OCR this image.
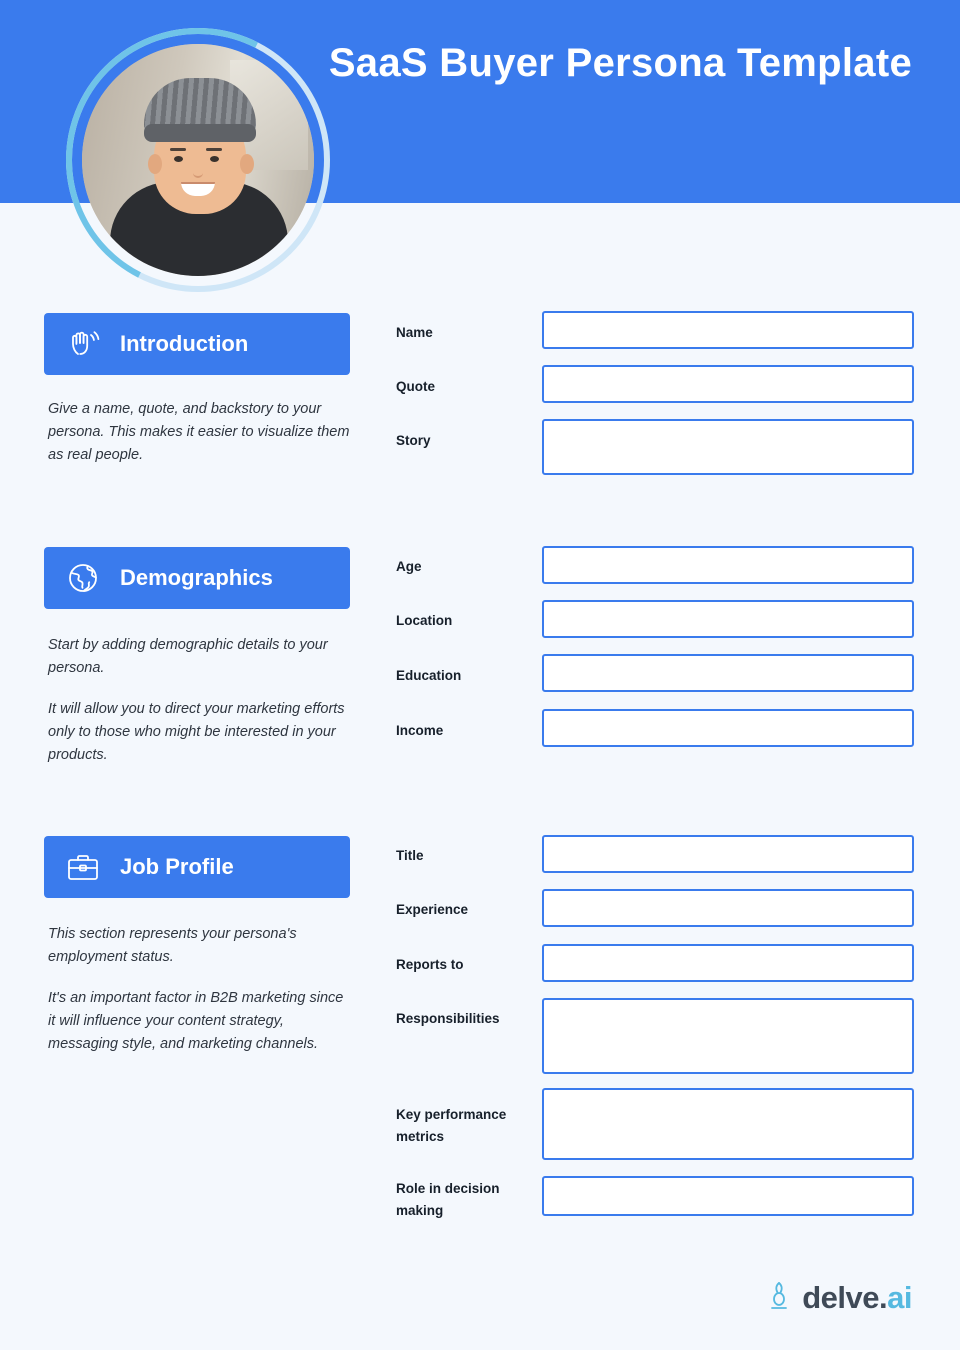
SaaS Buyer Persona Template
Introduction

Give a name, quote, and backstory to your persona. This makes it easier to visualize them as real people.

Name
Quote
Story
Demographics

Start by adding demographic details to your persona.

It will allow you to direct your marketing efforts only to those who might be interested in your products.

Age
Location
Education
Income
Job Profile

This section represents your persona's employment status.

It's an important factor in B2B marketing since it will influence your content strategy, messaging style, and marketing channels.

Title
Experience
Reports to
Responsibilities
Key performance metrics
Role in decision making
delve.ai
